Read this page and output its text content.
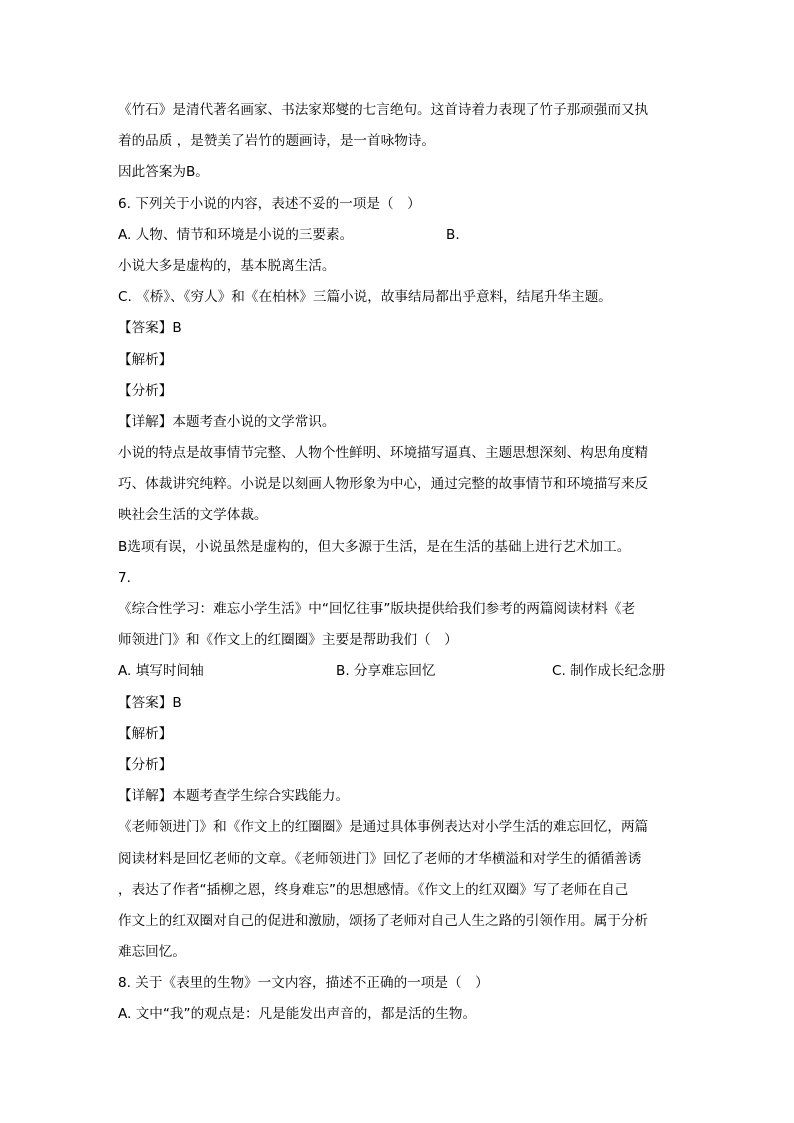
《竹石》是清代著名画家、书法家郑燮的七言绝句。这首诗着力表现了竹子那顽强而又执
着的品质 ，是赞美了岩竹的题画诗，是一首咏物诗。
因此答案为B。
6. 下列关于小说的内容，表述不妥的一项是（　）
A. 人物、情节和环境是小说的三要素。	B.
小说大多是虚构的，基本脱离生活。
C. 《桥》、《穷人》和《在柏林》三篇小说，故事结局都出乎意料，结尾升华主题。
【答案】B
【解析】
【分析】
【详解】本题考查小说的文学常识。
小说的特点是故事情节完整、人物个性鲜明、环境描写逼真、主题思想深刻、构思角度精
巧、体裁讲究纯粹。小说是以刻画人物形象为中心，通过完整的故事情节和环境描写来反
映社会生活的文学体裁。
B选项有误，小说虽然是虚构的，但大多源于生活，是在生活的基础上进行艺术加工。
7.
《综合性学习：难忘小学生活》中“回忆往事”版块提供给我们参考的两篇阅读材料《老
师领进门》和《作文上的红圈圈》主要是帮助我们（　）
A. 填写时间轴	B. 分享难忘回忆	C. 制作成长纪念册
【答案】B
【解析】
【分析】
【详解】本题考查学生综合实践能力。
《老师领进门》和《作文上的红圈圈》是通过具体事例表达对小学生活的难忘回忆，两篇
阅读材料是回忆老师的文章。《老师领进门》回忆了老师的才华横溢和对学生的循循善诱
，表达了作者“插柳之恩，终身难忘”的思想感情。《作文上的红双圈》写了老师在自己
作文上的红双圈对自己的促进和激励，颂扬了老师对自己人生之路的引领作用。属于分析
难忘回忆。
8. 关于《表里的生物》一文内容，描述不正确的一项是（　）
A. 文中“我”的观点是：凡是能发出声音的，都是活的生物。
